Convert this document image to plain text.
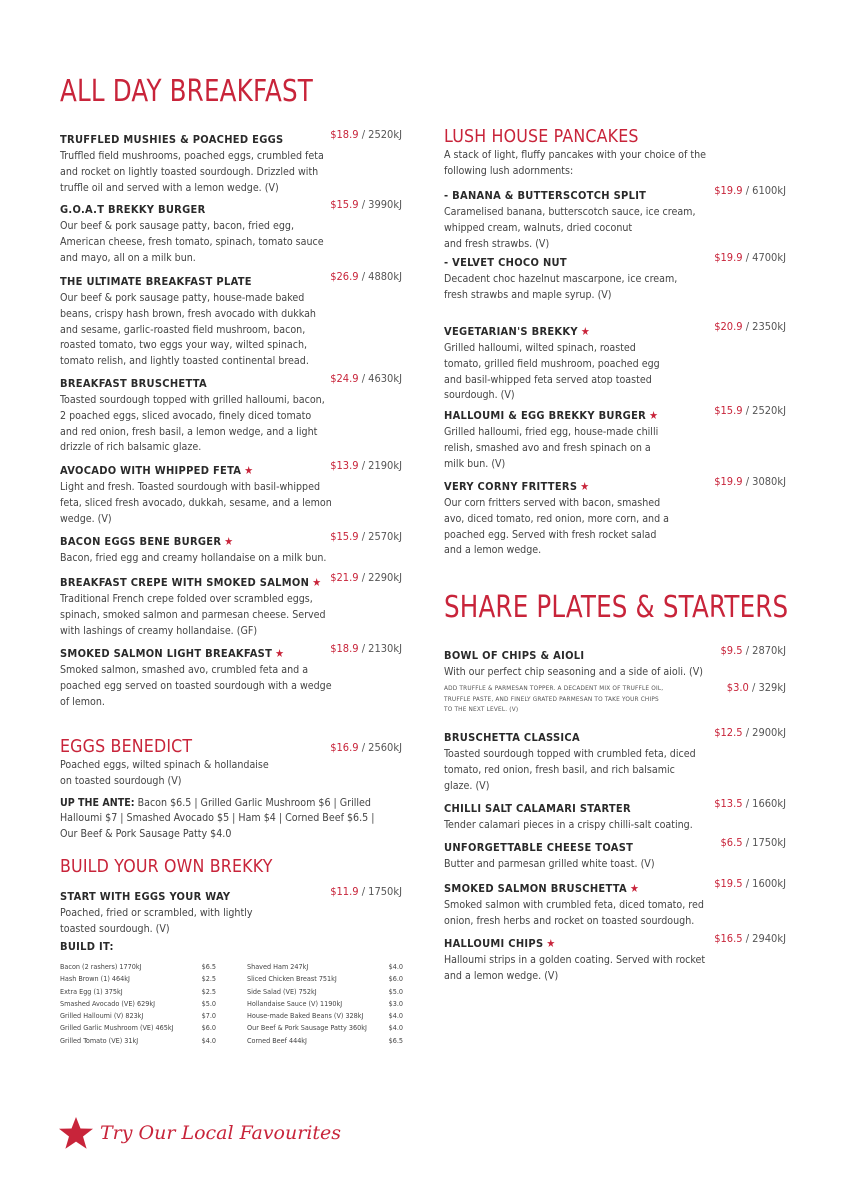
ALL DAY BREAKFAST
TRUFFLED MUSHIES & POACHED EGGS	$18.9 / 2520kJ
Truffled field mushrooms, poached eggs, crumbled feta
and rocket on lightly toasted sourdough. Drizzled with
truffle oil and served with a lemon wedge. (V)
G.O.A.T BREKKY BURGER	$15.9 / 3990kJ
Our beef & pork sausage patty, bacon, fried egg,
American cheese, fresh tomato, spinach, tomato sauce
and mayo, all on a milk bun.
THE ULTIMATE BREAKFAST PLATE	$26.9 / 4880kJ
Our beef & pork sausage patty, house-made baked
beans, crispy hash brown, fresh avocado with dukkah
and sesame, garlic-roasted field mushroom, bacon,
roasted tomato, two eggs your way, wilted spinach,
tomato relish, and lightly toasted continental bread.
BREAKFAST BRUSCHETTA	$24.9 / 4630kJ
Toasted sourdough topped with grilled halloumi, bacon,
2 poached eggs, sliced avocado, finely diced tomato
and red onion, fresh basil, a lemon wedge, and a light
drizzle of rich balsamic glaze.
AVOCADO WITH WHIPPED FETA ★	$13.9 / 2190kJ
Light and fresh. Toasted sourdough with basil-whipped
feta, sliced fresh avocado, dukkah, sesame, and a lemon
wedge. (V)
BACON EGGS BENE BURGER ★	$15.9 / 2570kJ
Bacon, fried egg and creamy hollandaise on a milk bun.
BREAKFAST CREPE WITH SMOKED SALMON ★ $21.9 / 2290kJ
Traditional French crepe folded over scrambled eggs,
spinach, smoked salmon and parmesan cheese. Served
with lashings of creamy hollandaise. (GF)
SMOKED SALMON LIGHT BREAKFAST ★	$18.9 / 2130kJ
Smoked salmon, smashed avo, crumbled feta and a
poached egg served on toasted sourdough with a wedge
of lemon.
EGGS BENEDICT	$16.9 / 2560kJ
Poached eggs, wilted spinach & hollandaise
on toasted sourdough (V)
UP THE ANTE: Bacon $6.5 | Grilled Garlic Mushroom $6 | Grilled
Halloumi $7 | Smashed Avocado $5 | Ham $4 | Corned Beef $6.5 |
Our Beef & Pork Sausage Patty $4.0
BUILD YOUR OWN BREKKY
START WITH EGGS YOUR WAY	$11.9 / 1750kJ
Poached, fried or scrambled, with lightly
toasted sourdough. (V)
BUILD IT:
Bacon (2 rashers) 1770kJ	$6.5
Hash Brown (1) 464kJ	$2.5
Extra Egg (1) 375kJ	$2.5
Smashed Avocado (VE) 629kJ	$5.0
Grilled Halloumi (V) 823kJ	$7.0
Grilled Garlic Mushroom (VE) 465kJ	$6.0
Grilled Tomato (VE) 31kJ	$4.0
Shaved Ham 247kJ	$4.0
Sliced Chicken Breast 751kJ	$6.0
Side Salad (VE) 752kJ	$5.0
Hollandaise Sauce (V) 1190kJ	$3.0
House-made Baked Beans (V) 328kJ	$4.0
Our Beef & Pork Sausage Patty 360kJ	$4.0
Corned Beef 444kJ	$6.5
LUSH HOUSE PANCAKES
A stack of light, fluffy pancakes with your choice of the
following lush adornments:
- BANANA & BUTTERSCOTCH SPLIT	$19.9 / 6100kJ
Caramelised banana, butterscotch sauce, ice cream,
whipped cream, walnuts, dried coconut
and fresh strawbs. (V)
- VELVET CHOCO NUT	$19.9 / 4700kJ
Decadent choc hazelnut mascarpone, ice cream,
fresh strawbs and maple syrup. (V)
VEGETARIAN'S BREKKY ★	$20.9 / 2350kJ
Grilled halloumi, wilted spinach, roasted
tomato, grilled field mushroom, poached egg
and basil-whipped feta served atop toasted
sourdough. (V)
HALLOUMI & EGG BREKKY BURGER ★	$15.9 / 2520kJ
Grilled halloumi, fried egg, house-made chilli
relish, smashed avo and fresh spinach on a
milk bun. (V)
VERY CORNY FRITTERS ★	$19.9 / 3080kJ
Our corn fritters served with bacon, smashed
avo, diced tomato, red onion, more corn, and a
poached egg. Served with fresh rocket salad
and a lemon wedge.
SHARE PLATES & STARTERS
BOWL OF CHIPS & AIOLI	$9.5 / 2870kJ
With our perfect chip seasoning and a side of aioli. (V)
ADD TRUFFLE & PARMESAN TOPPER. A DECADENT MIX OF TRUFFLE OIL,
TRUFFLE PASTE, AND FINELY GRATED PARMESAN TO TAKE YOUR CHIPS
TO THE NEXT LEVEL. (V)
$3.0 / 329kJ
BRUSCHETTA CLASSICA	$12.5 / 2900kJ
Toasted sourdough topped with crumbled feta, diced
tomato, red onion, fresh basil, and rich balsamic
glaze. (V)
CHILLI SALT CALAMARI STARTER	$13.5 / 1660kJ
Tender calamari pieces in a crispy chilli-salt coating.
UNFORGETTABLE CHEESE TOAST	$6.5 / 1750kJ
Butter and parmesan grilled white toast. (V)
SMOKED SALMON BRUSCHETTA ★	$19.5 / 1600kJ
Smoked salmon with crumbled feta, diced tomato, red
onion, fresh herbs and rocket on toasted sourdough.
HALLOUMI CHIPS ★	$16.5 / 2940kJ
Halloumi strips in a golden coating. Served with rocket
and a lemon wedge. (V)
Try Our Local Favourites
